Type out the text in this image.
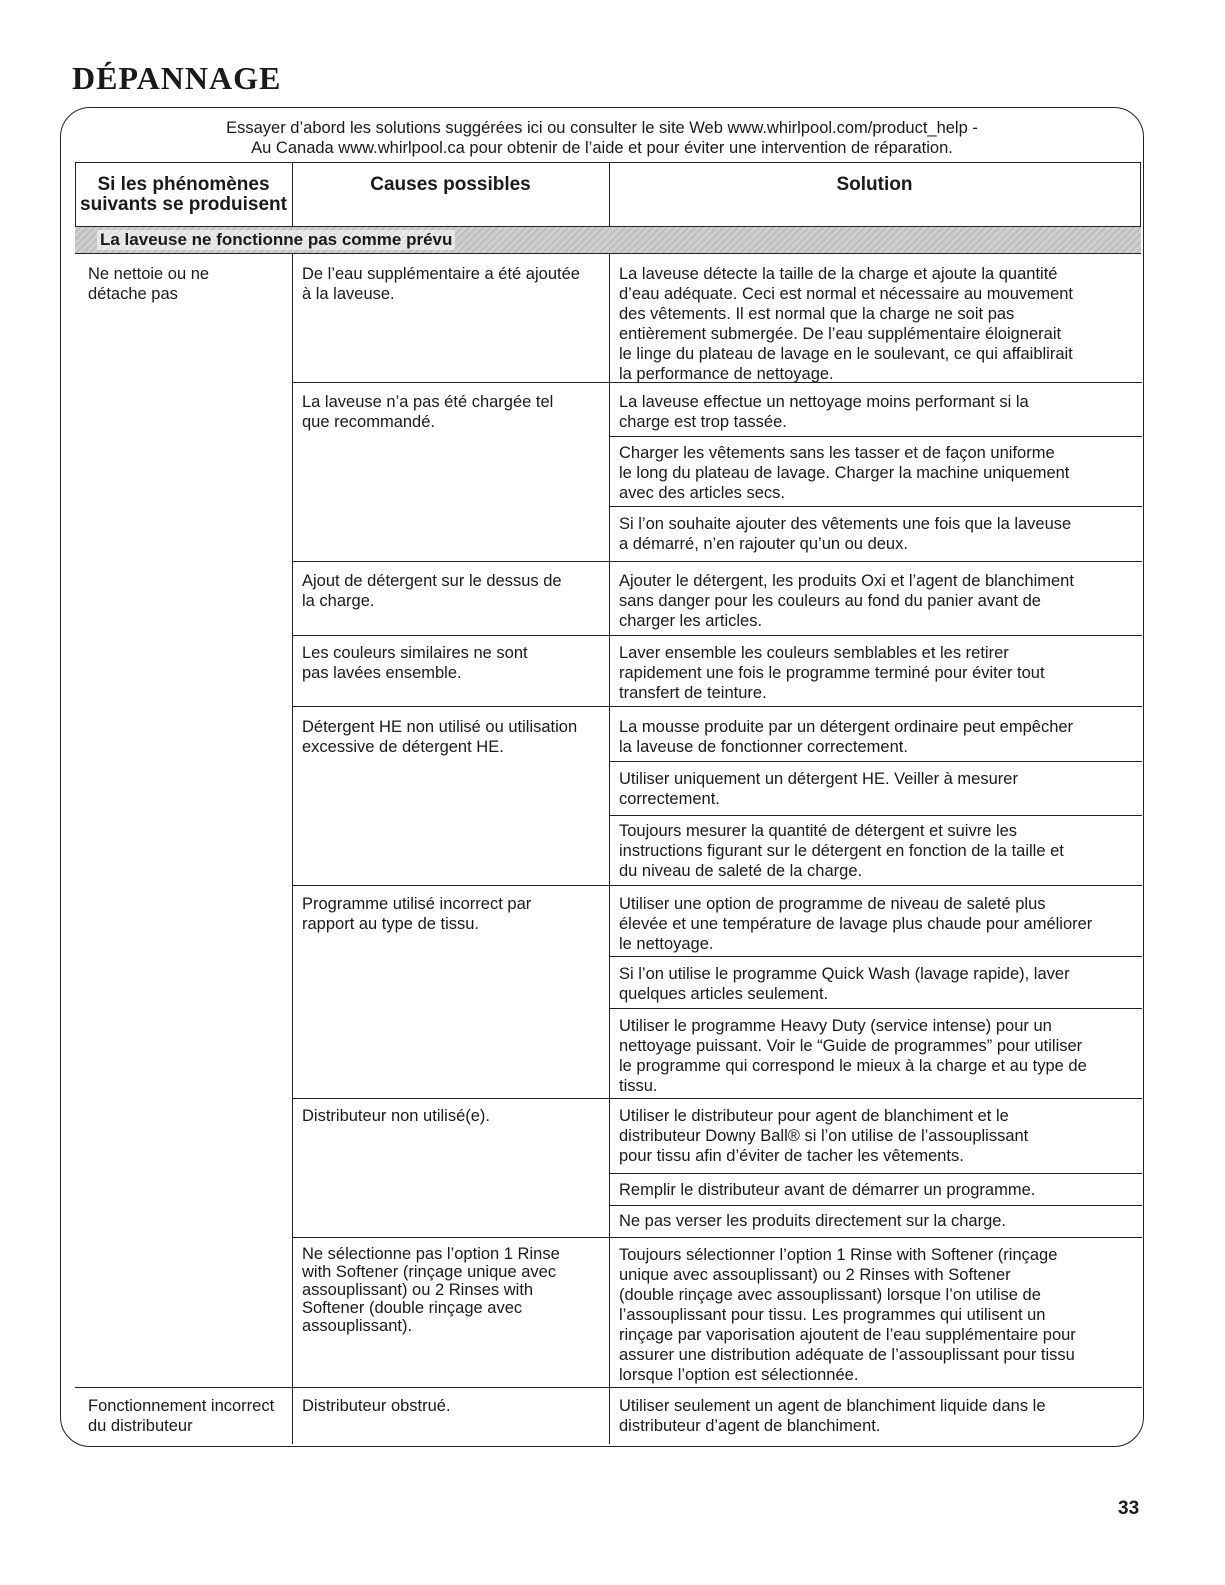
DÉPANNAGE
Essayer d’abord les solutions suggérées ici ou consulter le site Web www.whirlpool.com/product_help -
Au Canada www.whirlpool.ca pour obtenir de l’aide et pour éviter une intervention de réparation.
Si les phénomènes
suivants se produisent
Causes possibles	Solution
La laveuse ne fonctionne pas comme prévu
Ne nettoie ou ne
détache pas
Fonctionnement incorrect
du distributeur
De l’eau supplémentaire a été ajoutée
à la laveuse.
La laveuse n’a pas été chargée tel
que recommandé.
Ajout de détergent sur le dessus de
la charge.
Les couleurs similaires ne sont
pas lavées ensemble.
Détergent HE non utilisé ou utilisation
excessive de détergent HE.
Programme utilisé incorrect par
rapport au type de tissu.
Distributeur non utilisé(e).
Ne sélectionne pas l’option 1 Rinse
with Softener (rinçage unique avec
assouplissant) ou 2 Rinses with
Softener (double rinçage avec
assouplissant).
Distributeur obstrué.
La laveuse détecte la taille de la charge et ajoute la quantité
d’eau adéquate. Ceci est normal et nécessaire au mouvement
des vêtements. Il est normal que la charge ne soit pas
entièrement submergée. De l’eau supplémentaire éloignerait
le linge du plateau de lavage en le soulevant, ce qui affaiblirait
la performance de nettoyage.
La laveuse effectue un nettoyage moins performant si la
charge est trop tassée.
Charger les vêtements sans les tasser et de façon uniforme
le long du plateau de lavage. Charger la machine uniquement
avec des articles secs.
Si l’on souhaite ajouter des vêtements une fois que la laveuse
a démarré, n’en rajouter qu’un ou deux.
Ajouter le détergent, les produits Oxi et l’agent de blanchiment
sans danger pour les couleurs au fond du panier avant de
charger les articles.
Laver ensemble les couleurs semblables et les retirer
rapidement une fois le programme terminé pour éviter tout
transfert de teinture.
La mousse produite par un détergent ordinaire peut empêcher
la laveuse de fonctionner correctement.
Utiliser uniquement un détergent HE. Veiller à mesurer
correctement.
Toujours mesurer la quantité de détergent et suivre les
instructions figurant sur le détergent en fonction de la taille et
du niveau de saleté de la charge.
Utiliser une option de programme de niveau de saleté plus
élevée et une température de lavage plus chaude pour améliorer
le nettoyage.
Si l’on utilise le programme Quick Wash (lavage rapide), laver
quelques articles seulement.
Utiliser le programme Heavy Duty (service intense) pour un
nettoyage puissant. Voir le “Guide de programmes” pour utiliser
le programme qui correspond le mieux à la charge et au type de
tissu.
Utiliser le distributeur pour agent de blanchiment et le
distributeur Downy Ball® si l’on utilise de l’assouplissant
pour tissu afin d’éviter de tacher les vêtements.
Remplir le distributeur avant de démarrer un programme.
Ne pas verser les produits directement sur la charge.
Toujours sélectionner l’option 1 Rinse with Softener (rinçage
unique avec assouplissant) ou 2 Rinses with Softener
(double rinçage avec assouplissant) lorsque l’on utilise de
l’assouplissant pour tissu. Les programmes qui utilisent un
rinçage par vaporisation ajoutent de l’eau supplémentaire pour
assurer une distribution adéquate de l’assouplissant pour tissu
lorsque l’option est sélectionnée.
Utiliser seulement un agent de blanchiment liquide dans le
distributeur d’agent de blanchiment.
33
